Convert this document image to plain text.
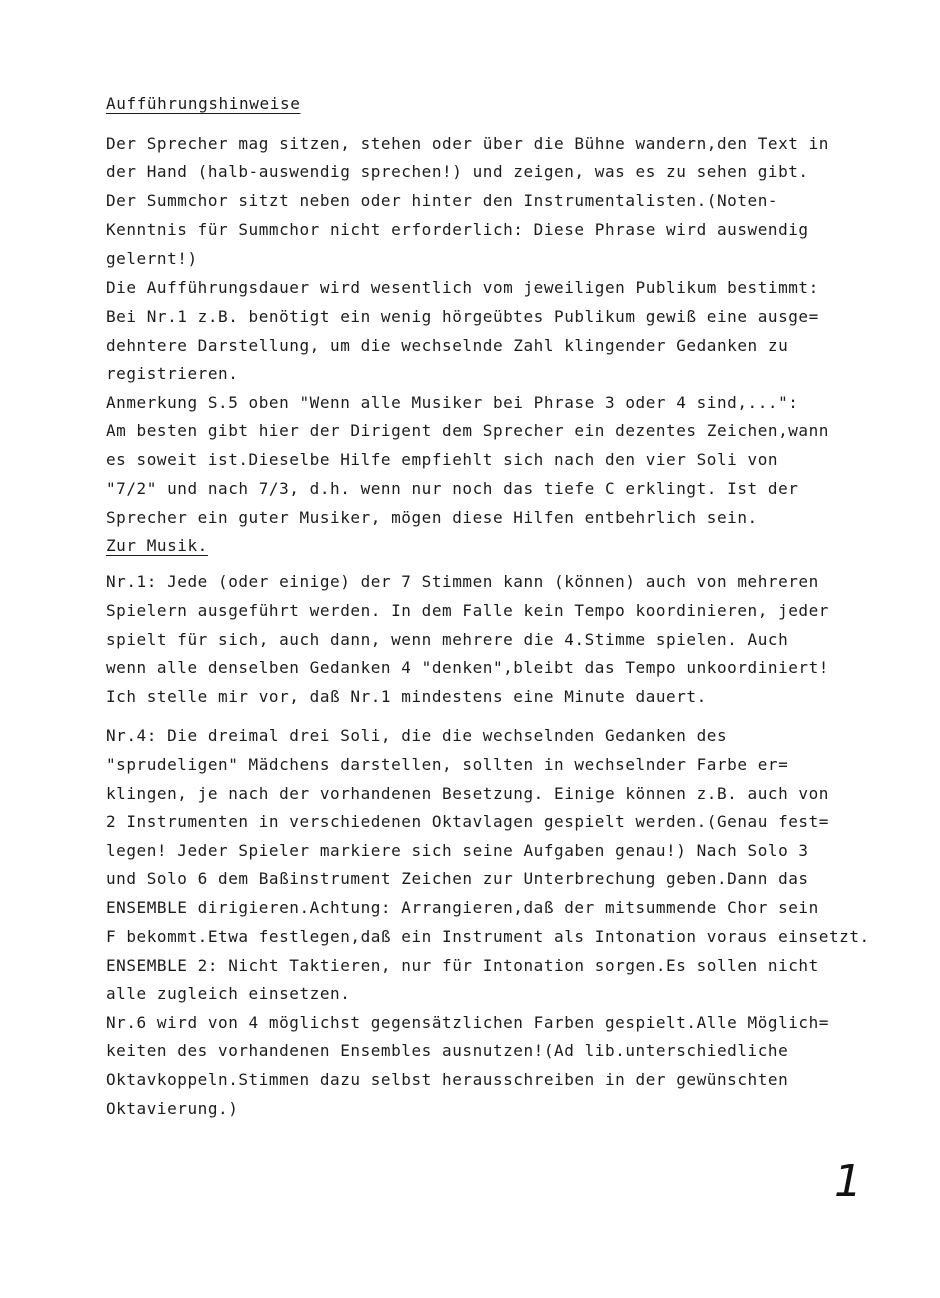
Aufführungshinweise

Der Sprecher mag sitzen, stehen oder über die Bühne wandern,den Text in

der Hand (halb-auswendig sprechen!) und zeigen, was es zu sehen gibt.

Der Summchor sitzt neben oder hinter den Instrumentalisten.(Noten-

Kenntnis für Summchor nicht erforderlich: Diese Phrase wird auswendig

gelernt!)

Die Aufführungsdauer wird wesentlich vom jeweiligen Publikum bestimmt:

Bei Nr.1 z.B. benötigt ein wenig hörgeübtes Publikum gewiß eine ausge=

dehntere Darstellung, um die wechselnde Zahl klingender Gedanken zu

registrieren.

Anmerkung S.5 oben "Wenn alle Musiker bei Phrase 3 oder 4 sind,...":

Am besten gibt hier der Dirigent dem Sprecher ein dezentes Zeichen,wann

es soweit ist.Dieselbe Hilfe empfiehlt sich nach den vier Soli von

"7/2" und nach 7/3, d.h. wenn nur noch das tiefe C erklingt. Ist der

Sprecher ein guter Musiker, mögen diese Hilfen entbehrlich sein.

Zur Musik.

Nr.1: Jede (oder einige) der 7 Stimmen kann (können) auch von mehreren

Spielern ausgeführt werden. In dem Falle kein Tempo koordinieren, jeder

spielt für sich, auch dann, wenn mehrere die 4.Stimme spielen. Auch

wenn alle denselben Gedanken 4 "denken",bleibt das Tempo unkoordiniert!

Ich stelle mir vor, daß Nr.1 mindestens eine Minute dauert.

Nr.4: Die dreimal drei Soli, die die wechselnden Gedanken des

"sprudeligen" Mädchens darstellen, sollten in wechselnder Farbe er=

klingen, je nach der vorhandenen Besetzung. Einige können z.B. auch von

2 Instrumenten in verschiedenen Oktavlagen gespielt werden.(Genau fest=

legen! Jeder Spieler markiere sich seine Aufgaben genau!) Nach Solo 3

und Solo 6 dem Baßinstrument Zeichen zur Unterbrechung geben.Dann das

ENSEMBLE dirigieren.Achtung: Arrangieren,daß der mitsummende Chor sein

F bekommt.Etwa festlegen,daß ein Instrument als Intonation voraus einsetzt.

ENSEMBLE 2: Nicht Taktieren, nur für Intonation sorgen.Es sollen nicht

alle zugleich einsetzen.

Nr.6 wird von 4 möglichst gegensätzlichen Farben gespielt.Alle Möglich=

keiten des vorhandenen Ensembles ausnutzen!(Ad lib.unterschiedliche

Oktavkoppeln.Stimmen dazu selbst herausschreiben in der gewünschten

Oktavierung.)

1
